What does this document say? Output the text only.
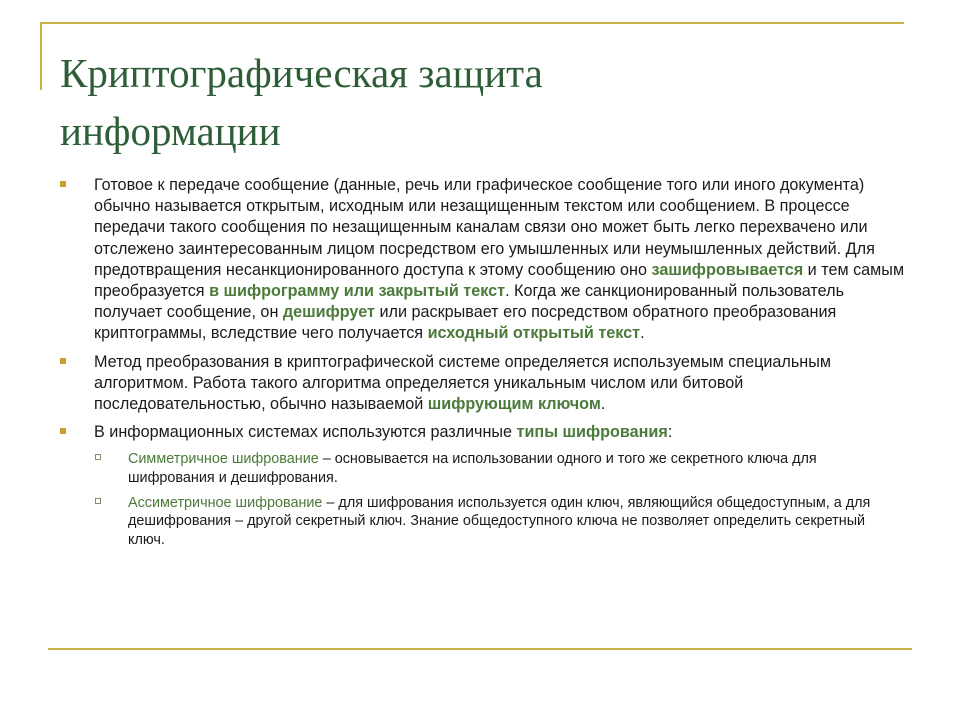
Криптографическая защита
информации
Готовое к передаче сообщение (данные, речь или графическое сообщение того или иного документа) обычно называется открытым, исходным или незащищенным текстом или сообщением. В процессе передачи такого сообщения по незащищенным каналам связи оно может быть легко перехвачено или отслежено заинтересованным лицом посредством его умышленных или неумышленных действий. Для предотвращения несанкционированного доступа к этому сообщению оно зашифровывается и тем самым преобразуется в шифрограмму или закрытый текст. Когда же санкционированный пользователь получает сообщение, он дешифрует или раскрывает его посредством обратного преобразования криптограммы, вследствие чего получается исходный открытый текст.
Метод преобразования в криптографической системе определяется используемым специальным алгоритмом. Работа такого алгоритма определяется уникальным числом или битовой последовательностью, обычно называемой шифрующим ключом.
В информационных системах используются различные типы шифрования:
Симметричное шифрование – основывается на использовании одного и того же секретного ключа для шифрования и дешифрования.
Ассиметричное шифрование – для шифрования используется один ключ, являющийся общедоступным, а для дешифрования – другой секретный ключ. Знание общедоступного ключа не позволяет определить секретный ключ.
